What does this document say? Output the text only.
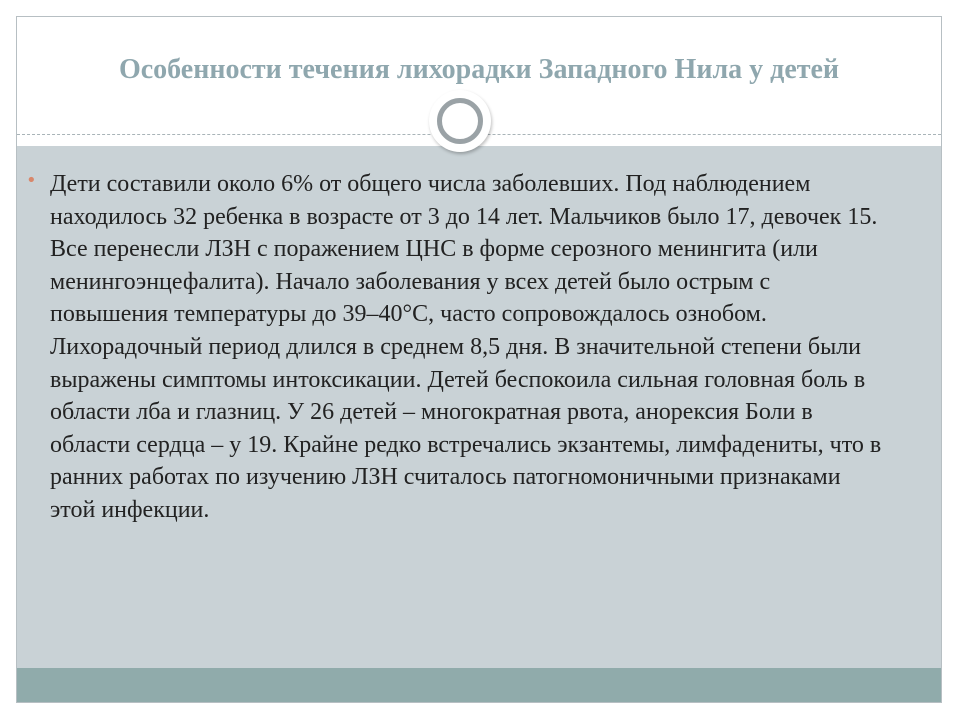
Особенности течения лихорадки Западного Нила у детей
• Дети составили около 6% от общего числа заболевших. Под наблюдением находилось 32 ребенка в возрасте от 3 до 14 лет. Мальчиков было 17, девочек 15. Все перенесли ЛЗН с поражением ЦНС в форме серозного менингита (или менингоэнцефалита). Начало заболевания у всех детей было острым с повышения температуры до 39–40°С, часто сопровождалось ознобом. Лихорадочный период длился в среднем 8,5 дня. В значительной степени были выражены симптомы интоксикации. Детей беспокоила сильная головная боль в области лба и глазниц. У 26 детей – многократная рвота, анорексия Боли в области сердца – у 19. Крайне редко встречались экзантемы, лимфадениты, что в ранних работах по изучению ЛЗН считалось патогномоничными признаками этой инфекции.
